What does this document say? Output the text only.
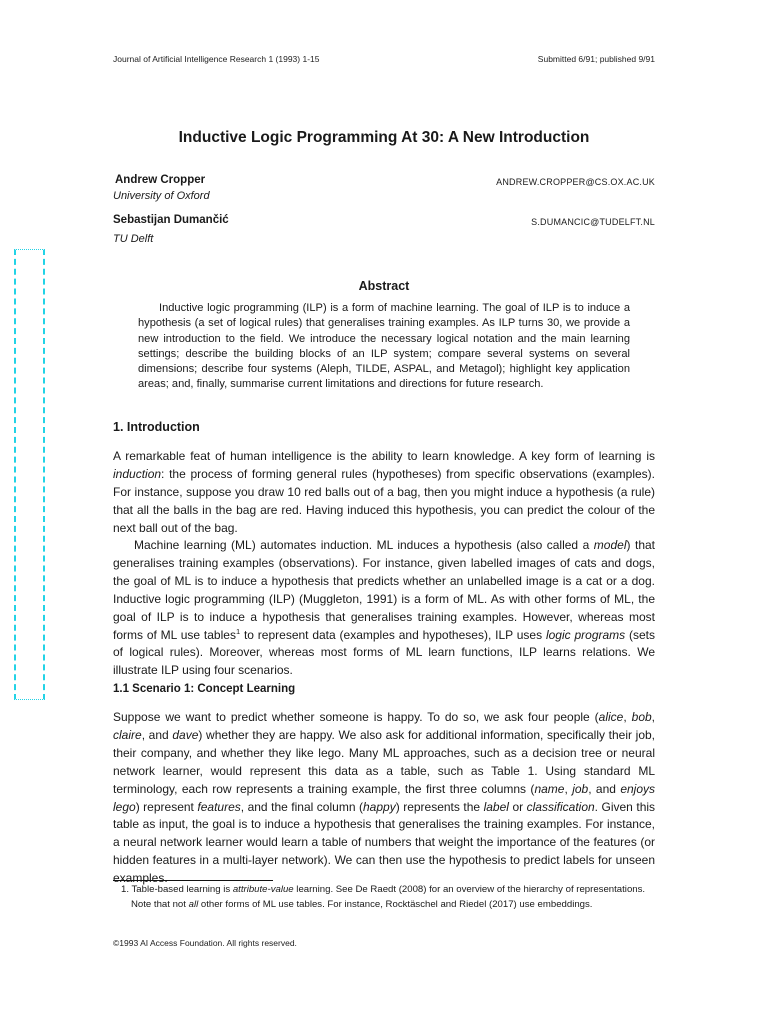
Journal of Artificial Intelligence Research 1 (1993) 1-15	Submitted 6/91; published 9/91
Inductive Logic Programming At 30: A New Introduction
Andrew Cropper
University of Oxford
ANDREW.CROPPER@CS.OX.AC.UK
Sebastijan Dumančić
TU Delft
S.DUMANCIC@TUDELFT.NL
Abstract

Inductive logic programming (ILP) is a form of machine learning. The goal of ILP is to induce a hypothesis (a set of logical rules) that generalises training examples. As ILP turns 30, we provide a new introduction to the field. We introduce the necessary logical notation and the main learning settings; describe the building blocks of an ILP system; compare several systems on several dimensions; describe four systems (Aleph, TILDE, ASPAL, and Metagol); highlight key application areas; and, finally, summarise current limitations and directions for future research.

1. Introduction

A remarkable feat of human intelligence is the ability to learn knowledge. A key form of learning is induction: the process of forming general rules (hypotheses) from specific observations (examples). For instance, suppose you draw 10 red balls out of a bag, then you might induce a hypothesis (a rule) that all the balls in the bag are red. Having induced this hypothesis, you can predict the colour of the next ball out of the bag.

Machine learning (ML) automates induction. ML induces a hypothesis (also called a model) that generalises training examples (observations). For instance, given labelled images of cats and dogs, the goal of ML is to induce a hypothesis that predicts whether an unlabelled image is a cat or a dog. Inductive logic programming (ILP) (Muggleton, 1991) is a form of ML. As with other forms of ML, the goal of ILP is to induce a hypothesis that generalises training examples. However, whereas most forms of ML use tables$^1$ to represent data (examples and hypotheses), ILP uses logic programs (sets of logical rules). Moreover, whereas most forms of ML learn functions, ILP learns relations. We illustrate ILP using four scenarios.

1.1 Scenario 1: Concept Learning

Suppose we want to predict whether someone is happy. To do so, we ask four people (alice, bob, claire, and dave) whether they are happy. We also ask for additional information, specifically their job, their company, and whether they like lego. Many ML approaches, such as a decision tree or neural network learner, would represent this data as a table, such as Table 1. Using standard ML terminology, each row represents a training example, the first three columns (name, job, and enjoys lego) represent features, and the final column (happy) represents the label or classification. Given this table as input, the goal is to induce a hypothesis that generalises the training examples. For instance, a neural network learner would learn a table of numbers that weight the importance of the features (or hidden features in a multi-layer network). We can then use the hypothesis to predict labels for unseen examples.

1. Table-based learning is attribute-value learning. See De Raedt (2008) for an overview of the hierarchy of representations.
Note that not all other forms of ML use tables. For instance, Rocktäschel and Riedel (2017) use embeddings.

©1993 AI Access Foundation. All rights reserved.
